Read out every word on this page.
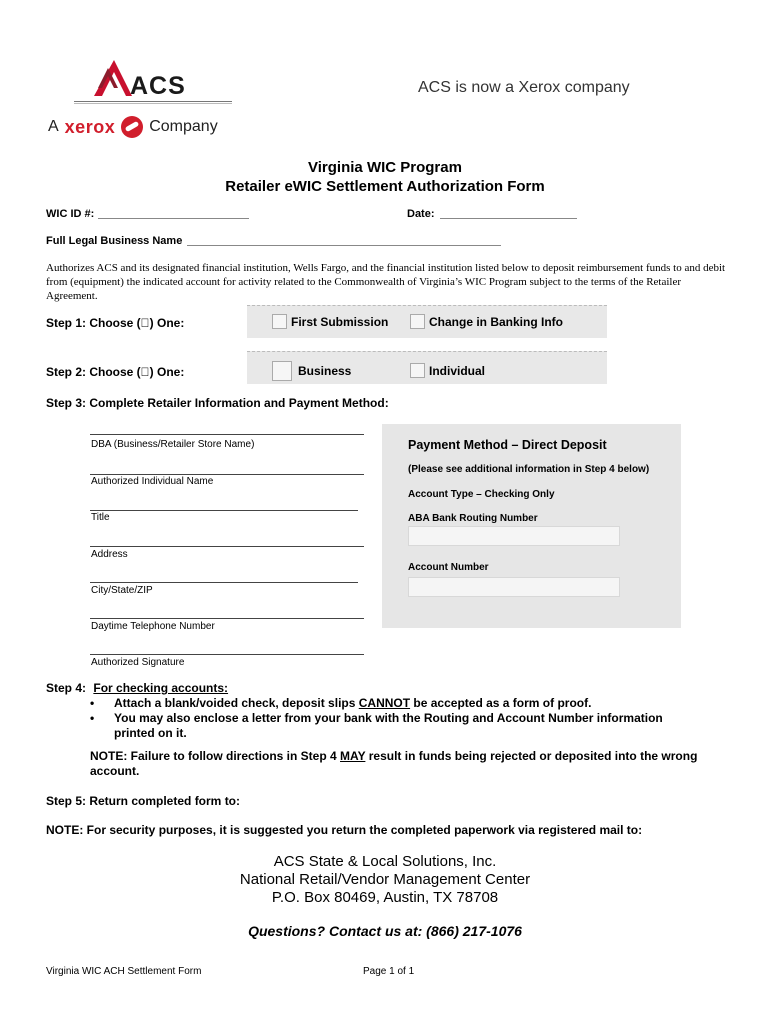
ACS
A xerox Company
ACS is now a Xerox company
Virginia WIC Program
Retailer eWIC Settlement Authorization Form
WIC ID #:	Date:
Full Legal Business Name
Authorizes ACS and its designated financial institution, Wells Fargo, and the financial institution listed below to deposit reimbursement funds to and debit from (equipment) the indicated account for activity related to the Commonwealth of Virginia’s WIC Program subject to the terms of the Retailer Agreement.
Step 1: Choose ( ) One:	First Submission	Change in Banking Info
Step 2: Choose ( ) One:	Business	Individual
Step 3: Complete Retailer Information and Payment Method:
DBA (Business/Retailer Store Name)
Authorized Individual Name
Title
Address
City/State/ZIP
Daytime Telephone Number
Authorized Signature
Payment Method – Direct Deposit
(Please see additional information in Step 4 below)
Account Type – Checking Only
ABA Bank Routing Number
Account Number
Step 4: For checking accounts:
•	Attach a blank/voided check, deposit slips CANNOT be accepted as a form of proof.
•	You may also enclose a letter from your bank with the Routing and Account Number information printed on it.
NOTE: Failure to follow directions in Step 4 MAY result in funds being rejected or deposited into the wrong account.
Step 5: Return completed form to:
NOTE: For security purposes, it is suggested you return the completed paperwork via registered mail to:
ACS State & Local Solutions, Inc.
National Retail/Vendor Management Center
P.O. Box 80469, Austin, TX 78708
Questions? Contact us at: (866) 217-1076
Virginia WIC ACH Settlement Form	Page 1 of 1
